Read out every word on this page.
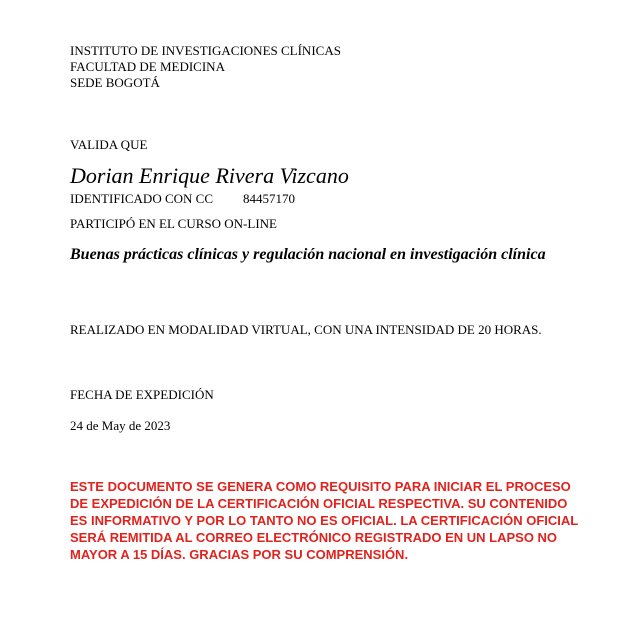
INSTITUTO DE INVESTIGACIONES CLÍNICAS
FACULTAD DE MEDICINA
SEDE BOGOTÁ
VALIDA QUE
Dorian Enrique Rivera Vizcano
IDENTIFICADO CON CC 84457170
PARTICIPÓ EN EL CURSO ON-LINE
Buenas prácticas clínicas y regulación nacional en investigación clínica
REALIZADO EN MODALIDAD VIRTUAL, CON UNA INTENSIDAD DE 20 HORAS.
FECHA DE EXPEDICIÓN
24 de May de 2023
ESTE DOCUMENTO SE GENERA COMO REQUISITO PARA INICIAR EL PROCESO
DE EXPEDICIÓN DE LA CERTIFICACIÓN OFICIAL RESPECTIVA. SU CONTENIDO
ES INFORMATIVO Y POR LO TANTO NO ES OFICIAL. LA CERTIFICACIÓN OFICIAL
SERÁ REMITIDA AL CORREO ELECTRÓNICO REGISTRADO EN UN LAPSO NO
MAYOR A 15 DÍAS. GRACIAS POR SU COMPRENSIÓN.
